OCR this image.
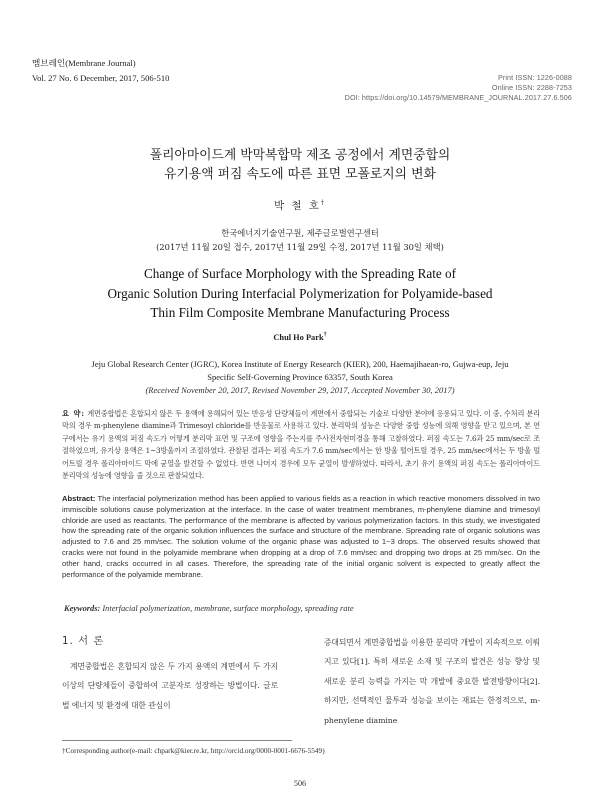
멤브레인(Membrane Journal)
Vol. 27 No. 6 December, 2017, 506-510	Print ISSN: 1226-0088
Online ISSN: 2288-7253
DOI: https://doi.org/10.14579/MEMBRANE_JOURNAL.2017.27.6.506
폴리아마이드계 박막복합막 제조 공정에서 계면중합의
유기용액 퍼짐 속도에 따른 표면 모폴로지의 변화
박 철 호†
한국에너지기술연구원, 제주글로벌연구센터
(2017년 11월 20일 접수, 2017년 11월 29일 수정, 2017년 11월 30일 채택)
Change of Surface Morphology with the Spreading Rate of
Organic Solution During Interfacial Polymerization for Polyamide-based
Thin Film Composite Membrane Manufacturing Process
Chul Ho Park†
Jeju Global Research Center (JGRC), Korea Institute of Energy Research (KIER), 200, Haemajihaean-ro, Gujwa-eup, Jeju
Specific Self-Governing Province 63357, South Korea
(Received November 20, 2017, Revised November 29, 2017, Accepted November 30, 2017)
요 약: 계면중합법은 혼합되지 않은 두 용액에 용해되어 있는 반응성 단량체들이 계면에서 중합되는 기술로 다양한 분야에 응용되고 있다. 이 중, 수처리 분리막의 경우 m-phenylene diamine과 Trimesoyl chloride를 반응물로 사용하고 있다. 분리막의 성능은 다양한 중합 성능에 의해 영향을 받고 있으며, 본 연구에서는 유기 용액의 퍼짐 속도가 어떻게 분리막 표면 및 구조에 영향을 주는지를 주사전자현미경을 통해 고찰하였다. 퍼짐 속도는 7.6과 25 mm/sec로 조절하였으며, 유기상 용액은 1~3방울까지 조절하였다. 관찰된 결과는 퍼짐 속도가 7.6 mm/sec에서는 한 방울 떨어트릴 경우, 25 mm/sec에서는 두 방울 떨어트릴 경우 폴리아마이드 막에 균열을 발견할 수 없었다. 반면 나머지 경우에 모두 균열이 발생하였다. 따라서, 초기 유기 용액의 퍼짐 속도는 폴리아마이드 분리막의 성능에 영향을 줄 것으로 판찰되었다.
Abstract: The interfacial polymerization method has been applied to various fields as a reaction in which reactive monomers dissolved in two immiscible solutions cause polymerization at the interface. In the case of water treatment membranes, m-phenylene diamine and trimesoyl chloride are used as reactants. The performance of the membrane is affected by various polymerization factors. In this study, we investigated how the spreading rate of the organic solution influences the surface and structure of the membrane. Spreading rate of organic solutions was adjusted to 7.6 and 25 mm/sec. The solution volume of the organic phase was adjusted to 1~3 drops. The observed results showed that cracks were not found in the polyamide membrane when dropping at a drop of 7.6 mm/sec and dropping two drops at 25 mm/sec. On the other hand, cracks occurred in all cases. Therefore, the spreading rate of the initial organic solvent is expected to greatly affect the performance of the polyamide membrane.
Keywords: Interfacial polymerization, membrane, surface morphology, spreading rate
1. 서 론

계면중합법은 혼합되지 않은 두 가지 용액의 계면에서 두 가지 이상의 단량체들이 중합하여 고분자로 성장하는 방법이다. 글로벌 에너지 및 환경에 대한 관심이

증대되면서 계면중합법을 이용한 분리막 개발이 지속적으로 이뤄지고 있다[1]. 특히 새로운 소재 및 구조의 발견은 성능 향상 및 새로운 분리 능력을 가지는 막 개발에 중요한 발전방향이다[2]. 하지만, 선택적인 물투과 성능을 보이는 재료는 한정적으로, m-phenylene diamine

†Corresponding author(e-mail: chpark@kier.re.kr, http://orcid.org/0000-0001-6676-5549)
506
